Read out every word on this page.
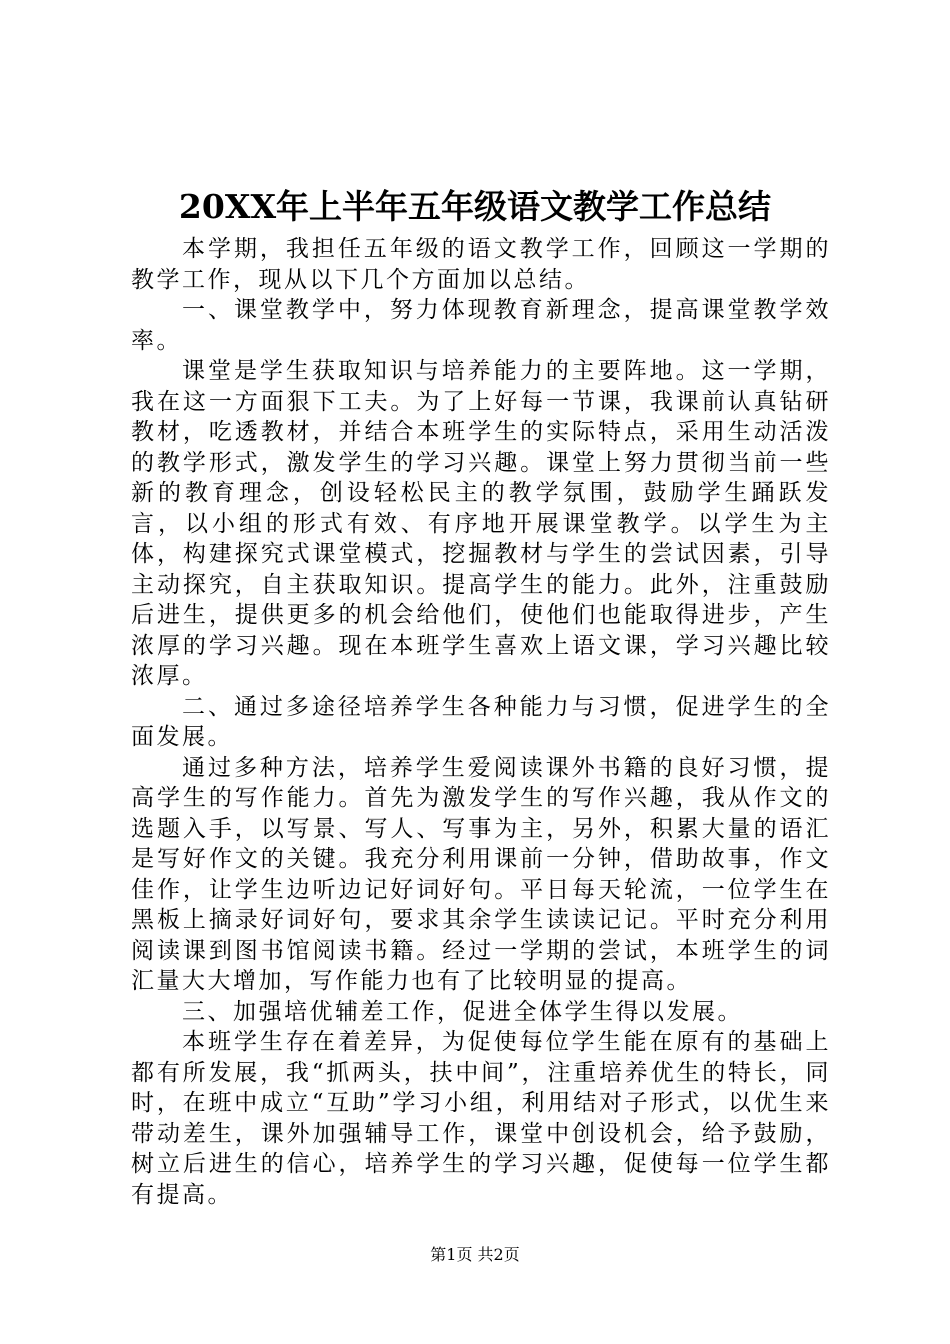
20XX年上半年五年级语文教学工作总结

本学期，我担任五年级的语文教学工作，回顾这一学期的教学工作，现从以下几个方面加以总结。

一、课堂教学中，努力体现教育新理念，提高课堂教学效率。

课堂是学生获取知识与培养能力的主要阵地。这一学期，我在这一方面狠下工夫。为了上好每一节课，我课前认真钻研教材，吃透教材，并结合本班学生的实际特点，采用生动活泼的教学形式，激发学生的学习兴趣。课堂上努力贯彻当前一些新的教育理念，创设轻松民主的教学氛围，鼓励学生踊跃发言，以小组的形式有效、有序地开展课堂教学。以学生为主体，构建探究式课堂模式，挖掘教材与学生的尝试因素，引导主动探究，自主获取知识。提高学生的能力。此外，注重鼓励后进生，提供更多的机会给他们，使他们也能取得进步，产生浓厚的学习兴趣。现在本班学生喜欢上语文课，学习兴趣比较浓厚。

二、通过多途径培养学生各种能力与习惯，促进学生的全面发展。

通过多种方法，培养学生爱阅读课外书籍的良好习惯，提高学生的写作能力。首先为激发学生的写作兴趣，我从作文的选题入手，以写景、写人、写事为主，另外，积累大量的语汇是写好作文的关键。我充分利用课前一分钟，借助故事，作文佳作，让学生边听边记好词好句。平日每天轮流，一位学生在黑板上摘录好词好句，要求其余学生读读记记。平时充分利用阅读课到图书馆阅读书籍。经过一学期的尝试，本班学生的词汇量大大增加，写作能力也有了比较明显的提高。

三、加强培优辅差工作，促进全体学生得以发展。

本班学生存在着差异，为促使每位学生能在原有的基础上都有所发展，我“抓两头，扶中间”，注重培养优生的特长，同时，在班中成立“互助”学习小组，利用结对子形式，以优生来带动差生，课外加强辅导工作，课堂中创设机会，给予鼓励，树立后进生的信心，培养学生的学习兴趣，促使每一位学生都有提高。

第1页 共2页
